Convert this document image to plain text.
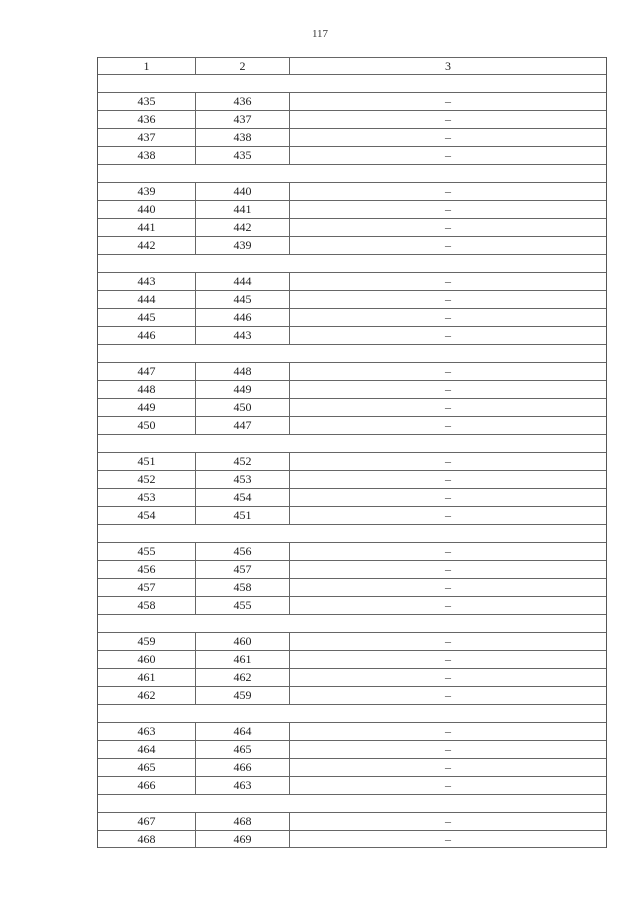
117
1	2	3
435	436	–
436	437	–
437	438	–
438	435	–
439	440	–
440	441	–
441	442	–
442	439	–
443	444	–
444	445	–
445	446	–
446	443	–
447	448	–
448	449	–
449	450	–
450	447	–
451	452	–
452	453	–
453	454	–
454	451	–
455	456	–
456	457	–
457	458	–
458	455	–
459	460	–
460	461	–
461	462	–
462	459	–
463	464	–
464	465	–
465	466	–
466	463	–
467	468	–
468	469	–
